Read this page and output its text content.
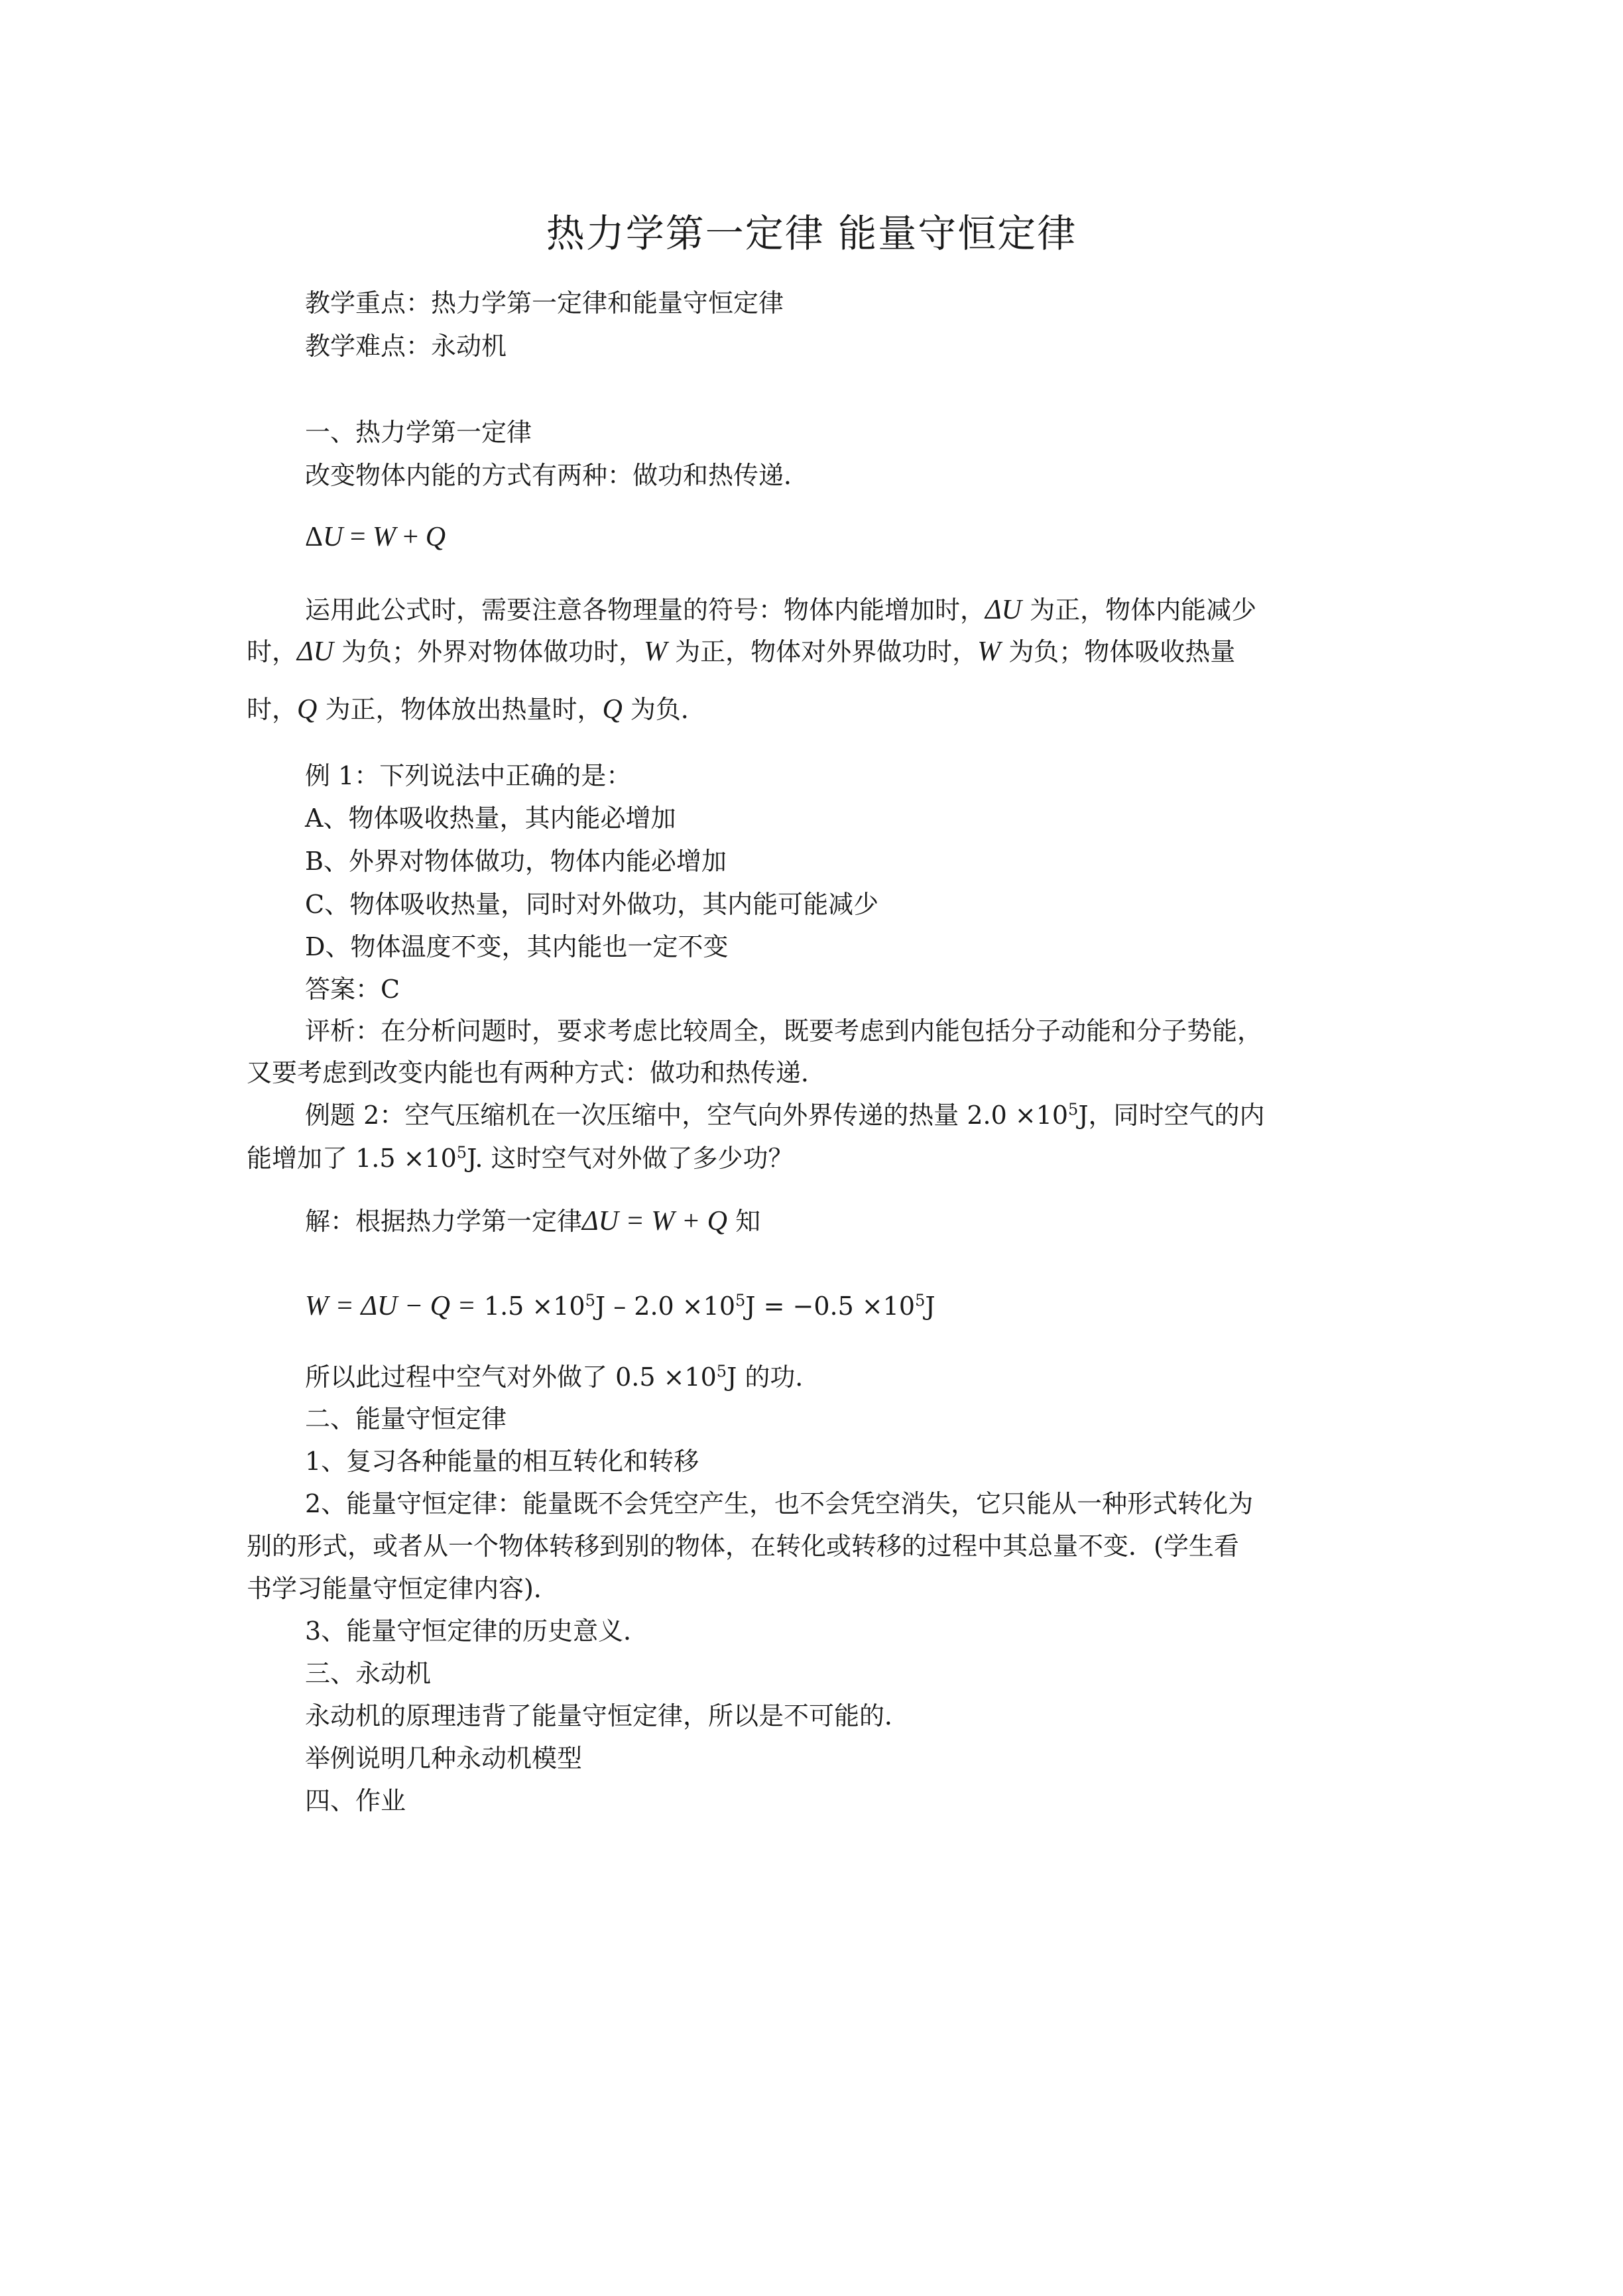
热力学第一定律 能量守恒定律
教学重点：热力学第一定律和能量守恒定律
教学难点：永动机
一、热力学第一定律
改变物体内能的方式有两种：做功和热传递．
ΔU = W + Q
运用此公式时，需要注意各物理量的符号：物体内能增加时，ΔU 为正，物体内能减少
时，ΔU 为负；外界对物体做功时，W 为正，物体对外界做功时，W 为负；物体吸收热量
时，Q 为正，物体放出热量时，Q 为负．
例 1：下列说法中正确的是：
A、物体吸收热量，其内能必增加
B、外界对物体做功，物体内能必增加
C、物体吸收热量，同时对外做功，其内能可能减少
D、物体温度不变，其内能也一定不变
答案：C
评析：在分析问题时，要求考虑比较周全，既要考虑到内能包括分子动能和分子势能，
又要考虑到改变内能也有两种方式：做功和热传递．
例题 2：空气压缩机在一次压缩中，空气向外界传递的热量 $2.0 \times 10^5J$，同时空气的内
能增加了 $1.5 \times 10^5J$. 这时空气对外做了多少功？
解：根据热力学第一定律ΔU = W + Q 知
$W = \Delta U - Q = 1.5 \times 10^5J - 2.0 \times 10^5J = -0.5 \times 10^5J$
所以此过程中空气对外做了 $0.5 \times 10^5J$ 的功．
二、能量守恒定律
1、复习各种能量的相互转化和转移
2、能量守恒定律：能量既不会凭空产生，也不会凭空消失，它只能从一种形式转化为
别的形式，或者从一个物体转移到别的物体，在转化或转移的过程中其总量不变．(学生看
书学习能量守恒定律内容)．
3、能量守恒定律的历史意义．
三、永动机
永动机的原理违背了能量守恒定律，所以是不可能的．
举例说明几种永动机模型
四、作业
